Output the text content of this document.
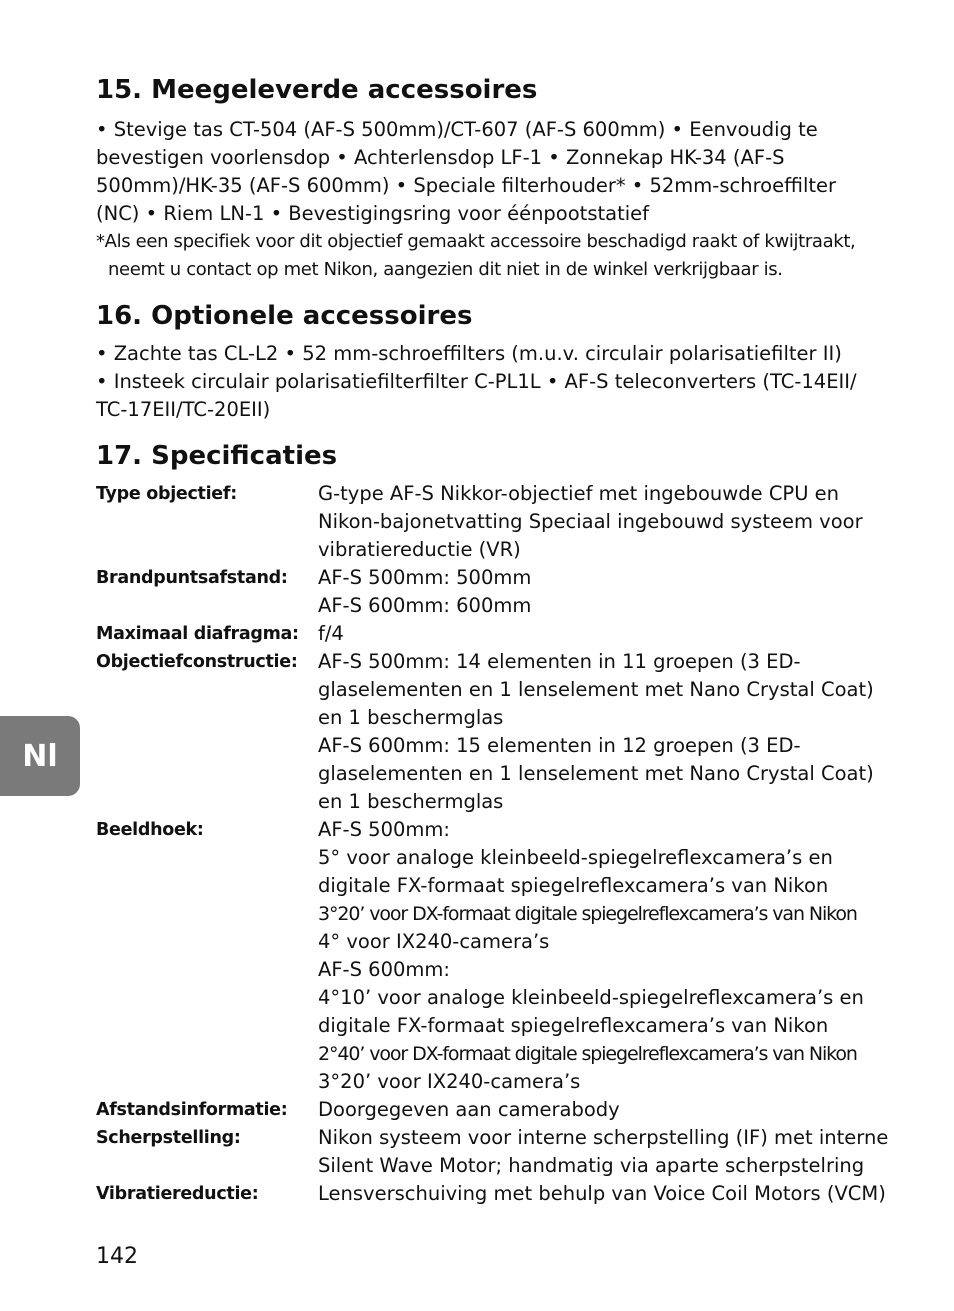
Nl
15. Meegeleverde accessoires

• Stevige tas CT-504 (AF-S 500mm)/CT-607 (AF-S 600mm) • Eenvoudig te

bevestigen voorlensdop • Achterlensdop LF-1 • Zonnekap HK-34 (AF-S

500mm)/HK-35 (AF-S 600mm) • Speciale filterhouder* • 52mm-schroeffilter

(NC) • Riem LN-1 • Bevestigingsring voor éénpootstatief

*Als een specifiek voor dit objectief gemaakt accessoire beschadigd raakt of kwijtraakt,

neemt u contact op met Nikon, aangezien dit niet in de winkel verkrijgbaar is.

16. Optionele accessoires

• Zachte tas CL-L2 • 52 mm-schroeffilters (m.u.v. circulair polarisatiefilter II)

• Insteek circulair polarisatiefilterfilter C-PL1L • AF-S teleconverters (TC-14EII/

TC-17EII/TC-20EII)

17. Specificaties
Type objectief:	G-type AF-S Nikkor-objectief met ingebouwde CPU en
Nikon-bajonetvatting Speciaal ingebouwd systeem voor
vibratiereductie (VR)
Brandpuntsafstand:	AF-S 500mm: 500mm
AF-S 600mm: 600mm
Maximaal diafragma: f/4
Objectiefconstructie:	AF-S 500mm: 14 elementen in 11 groepen (3 ED-
glaselementen en 1 lenselement met Nano Crystal Coat)
en 1 beschermglas
AF-S 600mm: 15 elementen in 12 groepen (3 ED-
glaselementen en 1 lenselement met Nano Crystal Coat)
en 1 beschermglas
Beeldhoek:	AF-S 500mm:
5° voor analoge kleinbeeld-spiegelreflexcamera’s en
digitale FX-formaat spiegelreflexcamera’s van Nikon
3°20’ voor DX-formaat digitale spiegelreflexcamera’s van Nikon
4° voor IX240-camera’s
AF-S 600mm:
4°10’ voor analoge kleinbeeld-spiegelreflexcamera’s en
digitale FX-formaat spiegelreflexcamera’s van Nikon
2°40’ voor DX-formaat digitale spiegelreflexcamera’s van Nikon
3°20’ voor IX240-camera’s
Afstandsinformatie:	Doorgegeven aan camerabody
Scherpstelling:	Nikon systeem voor interne scherpstelling (IF) met interne
Silent Wave Motor; handmatig via aparte scherpstelring
Vibratiereductie:	Lensverschuiving met behulp van Voice Coil Motors (VCM)
142
